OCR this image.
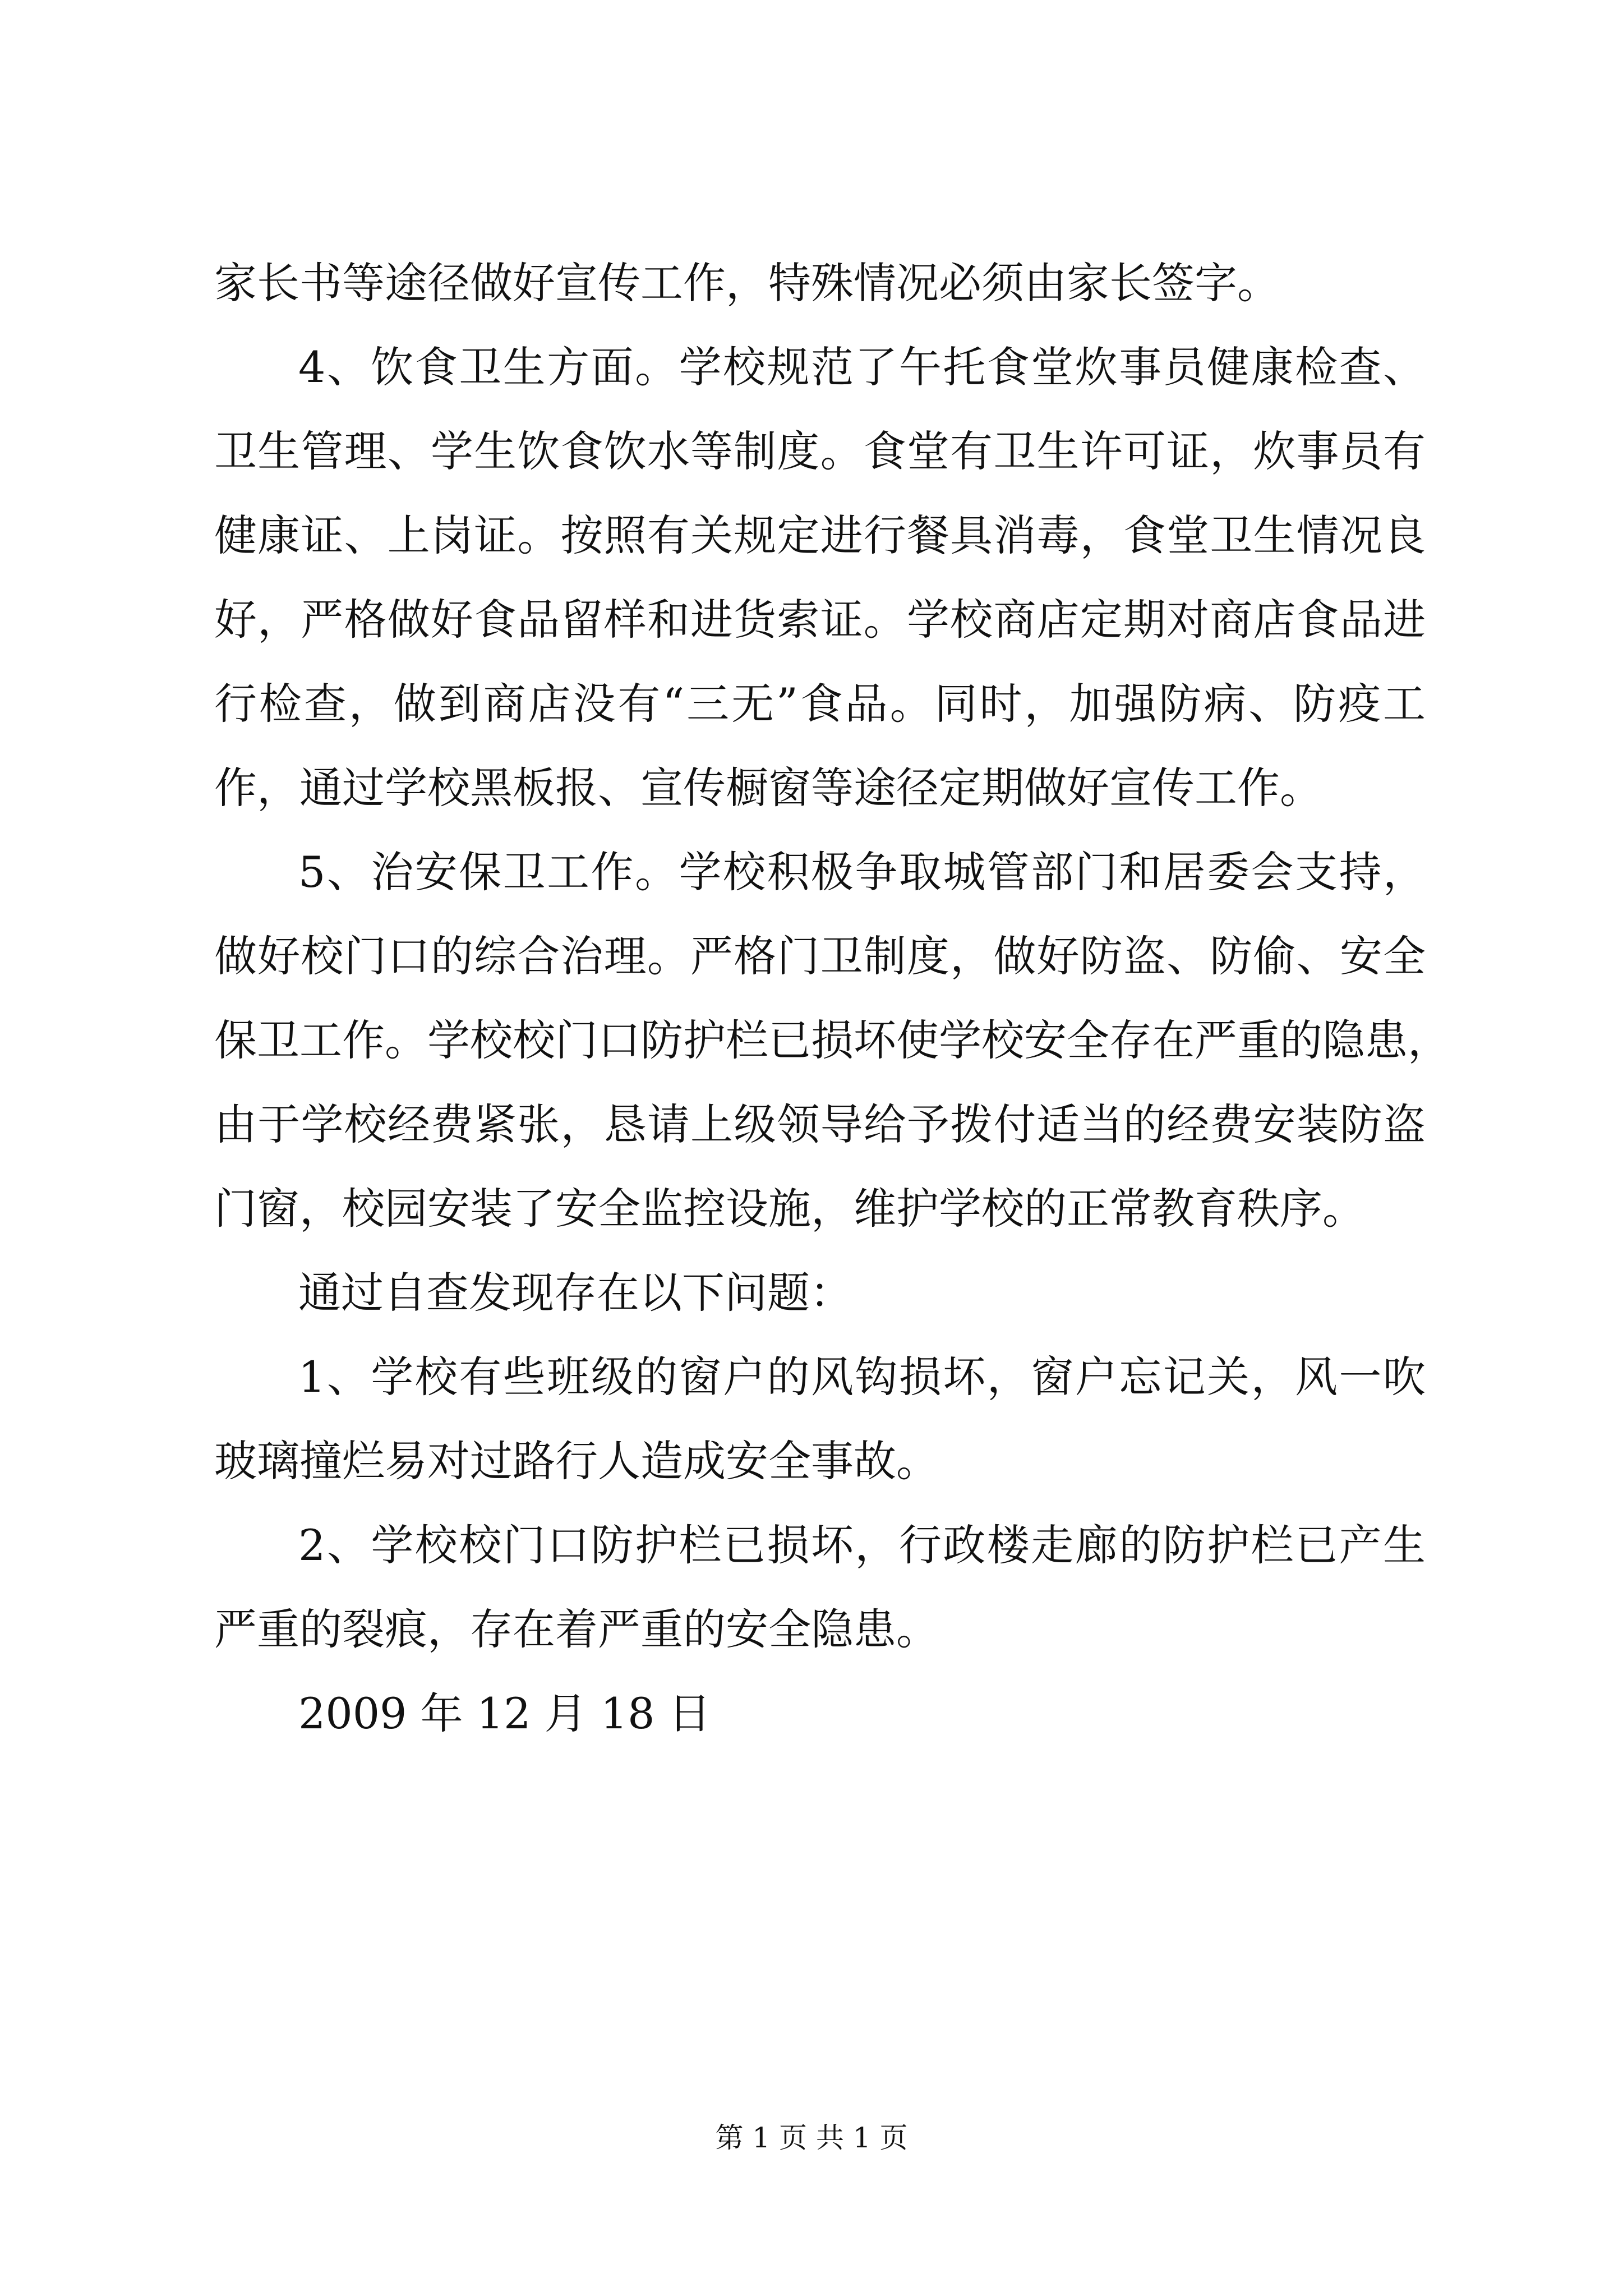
家长书等途径做好宣传工作，特殊情况必须由家长签字。
4、饮食卫生方面。学校规范了午托食堂炊事员健康检查、
卫生管理、学生饮食饮水等制度。食堂有卫生许可证，炊事员有
健康证、上岗证。按照有关规定进行餐具消毒，食堂卫生情况良
好，严格做好食品留样和进货索证。学校商店定期对商店食品进
行检查，做到商店没有“三无”食品。同时，加强防病、防疫工
作，通过学校黑板报、宣传橱窗等途径定期做好宣传工作。
5、治安保卫工作。学校积极争取城管部门和居委会支持，
做好校门口的综合治理。严格门卫制度，做好防盗、防偷、安全
保卫工作。学校校门口防护栏已损坏使学校安全存在严重的隐患，
由于学校经费紧张，恳请上级领导给予拨付适当的经费安装防盗
门窗，校园安装了安全监控设施，维护学校的正常教育秩序。
通过自查发现存在以下问题：
1、学校有些班级的窗户的风钩损坏，窗户忘记关，风一吹
玻璃撞烂易对过路行人造成安全事故。
2、学校校门口防护栏已损坏，行政楼走廊的防护栏已产生
严重的裂痕，存在着严重的安全隐患。
2009 年 12 月 18 日
第 1 页 共 1 页
